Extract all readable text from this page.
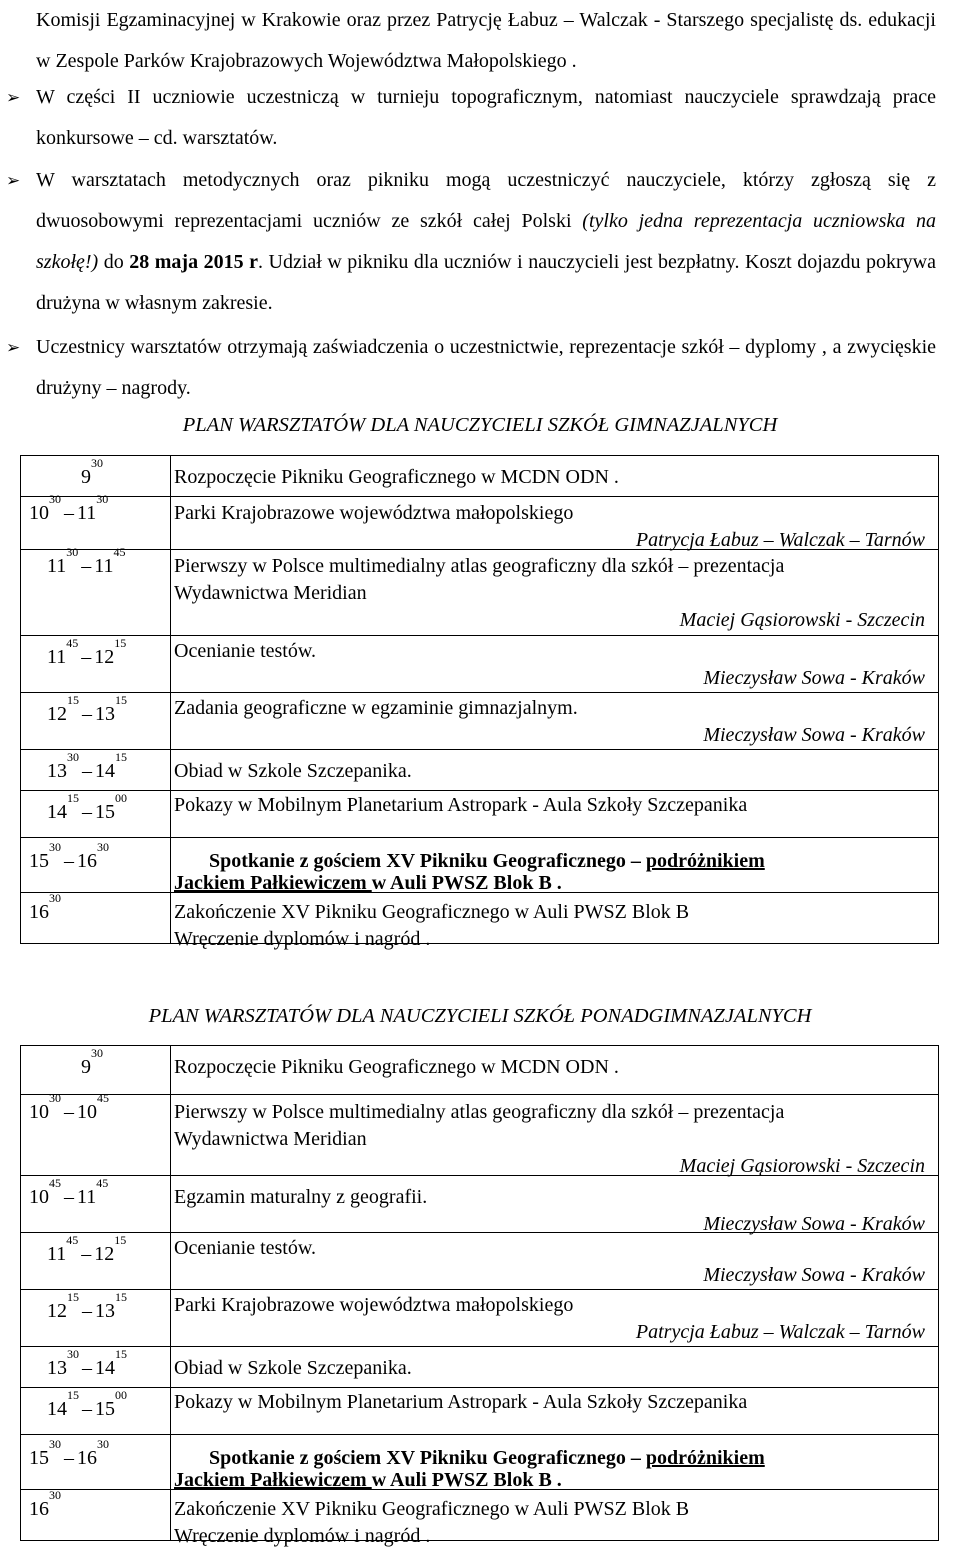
Komisji Egzaminacyjnej w Krakowie oraz przez Patrycję Łabuz – Walczak - Starszego specjalistę ds. edukacji w Zespole Parków Krajobrazowych Województwa Małopolskiego .
➢ W części II uczniowie uczestniczą w turnieju topograficznym, natomiast nauczyciele sprawdzają prace konkursowe – cd. warsztatów.
➢ W warsztatach metodycznych oraz pikniku mogą uczestniczyć nauczyciele, którzy zgłoszą się z dwuosobowymi reprezentacjami uczniów ze szkół całej Polski (tylko jedna reprezentacja uczniowska na szkołę!) do 28 maja 2015 r. Udział w pikniku dla uczniów i nauczycieli jest bezpłatny. Koszt dojazdu pokrywa drużyna w własnym zakresie.
➢ Uczestnicy warsztatów otrzymają zaświadczenia o uczestnictwie, reprezentacje szkół – dyplomy , a zwycięskie drużyny – nagrody.
PLAN WARSZTATÓW DLA NAUCZYCIELI SZKÓŁ GIMNAZJALNYCH
$9^{30}$	Rozpoczęcie Pikniku Geograficznego w MCDN ODN .

$10^{30}-$ $11^{30}$	Parki Krajobrazowe województwa małopolskiego
Patrycja Łabuz – Walczak – Tarnów

$11^{30}-$ $11^{45}$	Pierwszy w Polsce multimedialny atlas geograficzny dla szkół – prezentacja
Wydawnictwa Meridian
Maciej Gąsiorowski - Szczecin

$11^{45}-$ $12^{15}$	Ocenianie testów.
Mieczysław Sowa - Kraków

$12^{15}-$ $13^{15}$	Zadania geograficzne w egzaminie gimnazjalnym.
Mieczysław Sowa - Kraków

$13^{30}-$ $14^{15}$	Obiad w Szkole Szczepanika.

$14^{15}-$ $15^{00}$	Pokazy w Mobilnym Planetarium Astropark - Aula Szkoły Szczepanika

$15^{30}-$ $16^{30}$	Spotkanie z gościem XV Pikniku Geograficznego – podróżnikiem
Jackiem Pałkiewiczem w Auli PWSZ Blok B .

$16^{30}$	Zakończenie XV Pikniku Geograficznego w Auli PWSZ Blok B
Wręczenie dyplomów i nagród .
PLAN WARSZTATÓW DLA NAUCZYCIELI SZKÓŁ PONADGIMNAZJALNYCH
$9^{30}$	Rozpoczęcie Pikniku Geograficznego w MCDN ODN .

$10^{30}-$ $10^{45}$	Pierwszy w Polsce multimedialny atlas geograficzny dla szkół – prezentacja
Wydawnictwa Meridian
Maciej Gąsiorowski - Szczecin

$10^{45}-$ $11^{45}$	Egzamin maturalny z geografii.
Mieczysław Sowa - Kraków

$11^{45}-$ $12^{15}$	Ocenianie testów.
Mieczysław Sowa - Kraków

$12^{15}-$ $13^{15}$	Parki Krajobrazowe województwa małopolskiego
Patrycja Łabuz – Walczak – Tarnów

$13^{30}-$ $14^{15}$	Obiad w Szkole Szczepanika.

$14^{15}-$ $15^{00}$	Pokazy w Mobilnym Planetarium Astropark - Aula Szkoły Szczepanika

$15^{30}-$ $16^{30}$	Spotkanie z gościem XV Pikniku Geograficznego – podróżnikiem
Jackiem Pałkiewiczem w Auli PWSZ Blok B .

$16^{30}$	Zakończenie XV Pikniku Geograficznego w Auli PWSZ Blok B
Wręczenie dyplomów i nagród .
